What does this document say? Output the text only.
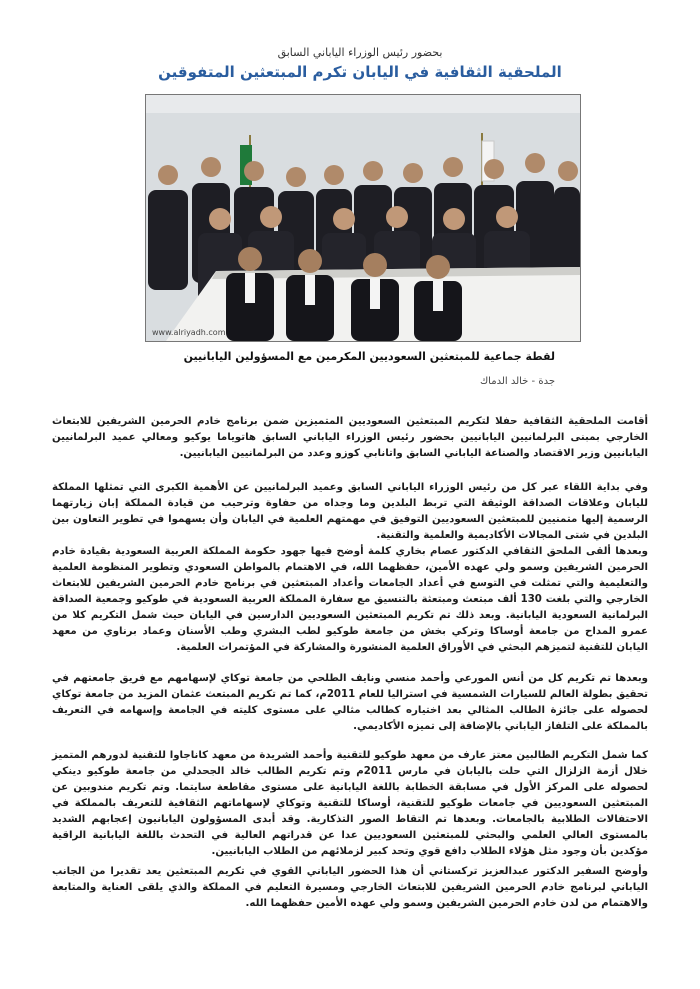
بحضور رئيس الوزراء الياباني السابق
الملحقية الثقافية في اليابان تكرم المبتعثين المتفوقين
www.alriyadh.com
لقطة جماعية للمبتعثين السعوديين المكرمين مع المسؤولين اليابانيين
جدة - خالد الدماك

أقامت الملحقية الثقافية حفلا لتكريم المبتعثين السعوديين المتميزين ضمن برنامج خادم الحرمين الشريفين للابتعاث الخارجي بمبنى البرلمانيين اليابانيين بحضور رئيس الوزراء الياباني السابق هاتوياما يوكيو ومعالي عميد البرلمانيين اليابانيين وزير الاقتصاد والصناعة الياباني السابق واتانابي كوزو وعدد من البرلمانيين اليابانيين.

وفي بداية اللقاء عبر كل من رئيس الوزراء الياباني السابق وعميد البرلمانيين عن الأهمية الكبرى التي تمثلها المملكة لليابان وعلاقات الصداقة الوثيقة التي تربط البلدين وما وجداه من حفاوة وترحيب من قيادة المملكة إبان زيارتهما الرسمية إليها متمنيين للمبتعثين السعوديين التوفيق في مهمتهم العلمية في اليابان وأن يسهموا في تطوير التعاون بين البلدين في شتى المجالات الأكاديمية والعلمية والتقنية.

وبعدها ألقى الملحق الثقافي الدكتور عصام بخاري كلمة أوضح فيها جهود حكومة المملكة العربية السعودية بقيادة خادم الحرمين الشريفين وسمو ولي عهده الأمين، حفظهما الله، في الاهتمام بالمواطن السعودي وتطوير المنظومة العلمية والتعليمية والتي تمثلت في التوسع في أعداد الجامعات وأعداد المبتعثين في برنامج خادم الحرمين الشريفين للابتعاث الخارجي والتي بلغت 130 ألف مبتعث ومبتعثة بالتنسيق مع سفارة المملكة العربية السعودية في طوكيو وجمعية الصداقة البرلمانية السعودية اليابانية. وبعد ذلك تم تكريم المبتعثين السعوديين الدارسين في اليابان حيث شمل التكريم كلا من عمرو المداح من جامعة أوساكا وتركي بخش من جامعة طوكيو لطب البشري وطب الأسنان وعماد برناوي من معهد اليابان للتقنية لتميزهم البحثي في الأوراق العلمية المنشورة والمشاركة في المؤتمرات العلمية.

وبعدها تم تكريم كل من أنس المورعي وأحمد منسي ونايف الطلحي من جامعة توكاي لإسهامهم مع فريق جامعتهم في تحقيق بطولة العالم للسيارات الشمسية في استراليا للعام 2011م، كما تم تكريم المبتعث عثمان المزيد من جامعة توكاي لحصوله على جائزة الطالب المثالي بعد اختياره كطالب مثالي على مستوى كليته في الجامعة وإسهامه في التعريف بالمملكة على التلفاز الياباني بالإضافة إلى تميزه الأكاديمي.

كما شمل التكريم الطالبين معتز عارف من معهد طوكيو للتقنية وأحمد الشريدة من معهد كاناجاوا للتقنية لدورهم المتميز خلال أزمة الزلزال التي حلت باليابان في مارس 2011م وتم تكريم الطالب خالد الجحدلي من جامعة طوكيو دينكي لحصوله على المركز الأول في مسابقة الخطابة باللغة اليابانية على مستوى مقاطعة سايتما. وتم تكريم مندوبين عن المبتعثين السعوديين في جامعات طوكيو للتقنية، أوساكا للتقنية وتوكاي لإسهاماتهم الثقافية للتعريف بالمملكة في الاحتفالات الطلابية بالجامعات. وبعدها تم التقاط الصور التذكارية. وقد أبدى المسؤولون اليابانيون إعجابهم الشديد بالمستوى العالي العلمي والبحثي للمبتعثين السعوديين عدا عن قدراتهم العالية في التحدث باللغة اليابانية الراقية مؤكدين بأن وجود مثل هؤلاء الطلاب دافع قوي وتحد كبير لزملائهم من الطلاب اليابانيين.

وأوضح السفير الدكتور عبدالعزيز تركستاني أن هذا الحضور الياباني القوي في تكريم المبتعثين يعد تقديرا من الجانب الياباني لبرنامج خادم الحرمين الشريفين للابتعاث الخارجي ومسيرة التعليم في المملكة والذي يلقى العناية والمتابعة والاهتمام من لدن خادم الحرمين الشريفين وسمو ولي عهده الأمين حفظهما الله.
